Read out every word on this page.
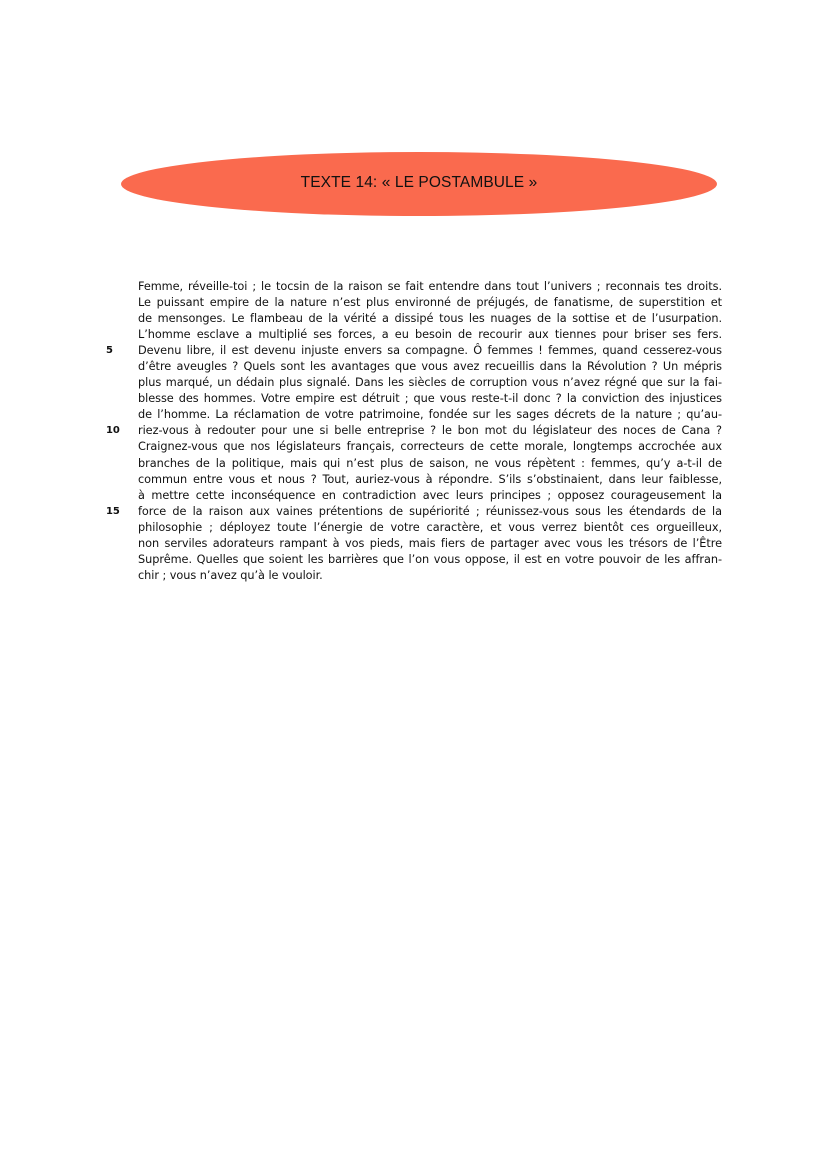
TEXTE 14: « LE POSTAMBULE »
Femme, réveille-toi ; le tocsin de la raison se fait entendre dans tout l’univers ; reconnais tes droits.
Le puissant empire de la nature n’est plus environné de préjugés, de fanatisme, de superstition et
de mensonges. Le flambeau de la vérité a dissipé tous les nuages de la sottise et de l’usurpation.
L’homme esclave a multiplié ses forces, a eu besoin de recourir aux tiennes pour briser ses fers.
5	Devenu libre, il est devenu injuste envers sa compagne. Ô femmes ! femmes, quand cesserez-vous
d’être aveugles ? Quels sont les avantages que vous avez recueillis dans la Révolution ? Un mépris
plus marqué, un dédain plus signalé. Dans les siècles de corruption vous n’avez régné que sur la fai-
blesse des hommes. Votre empire est détruit ; que vous reste-t-il donc ? la conviction des injustices
de l’homme. La réclamation de votre patrimoine, fondée sur les sages décrets de la nature ; qu’au-
10	riez-vous à redouter pour une si belle entreprise ? le bon mot du législateur des noces de Cana ?
Craignez-vous que nos législateurs français, correcteurs de cette morale, longtemps accrochée aux
branches de la politique, mais qui n’est plus de saison, ne vous répètent : femmes, qu’y a-t-il de
commun entre vous et nous ? Tout, auriez-vous à répondre. S’ils s’obstinaient, dans leur faiblesse,
à mettre cette inconséquence en contradiction avec leurs principes ; opposez courageusement la
15	force de la raison aux vaines prétentions de supériorité ; réunissez-vous sous les étendards de la
philosophie ; déployez toute l’énergie de votre caractère, et vous verrez bientôt ces orgueilleux,
non serviles adorateurs rampant à vos pieds, mais fiers de partager avec vous les trésors de l’Être
Suprême. Quelles que soient les barrières que l’on vous oppose, il est en votre pouvoir de les affran-
chir ; vous n’avez qu’à le vouloir.
